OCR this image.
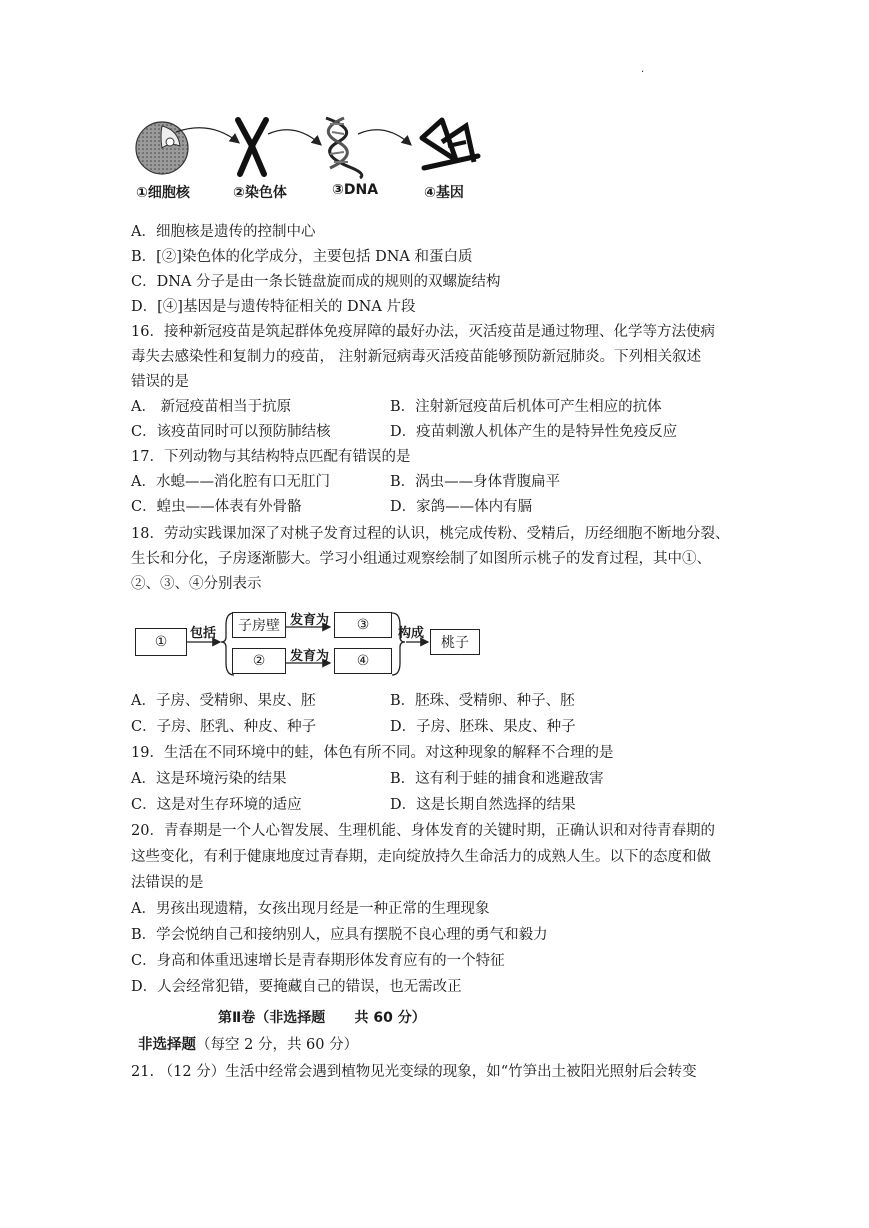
.
①细胞核	②染色体	③DNA	④基因
A．细胞核是遗传的控制中心
B．[②]染色体的化学成分，主要包括 DNA 和蛋白质
C．DNA 分子是由一条长链盘旋而成的规则的双螺旋结构
D．[④]基因是与遗传特征相关的 DNA 片段
16．接种新冠疫苗是筑起群体免疫屏障的最好办法，灭活疫苗是通过物理、化学等方法使病
毒失去感染性和复制力的疫苗， 注射新冠病毒灭活疫苗能够预防新冠肺炎。下列相关叙述
错误的是
A． 新冠疫苗相当于抗原	B．注射新冠疫苗后机体可产生相应的抗体
C．该疫苗同时可以预防肺结核	D．疫苗刺激人机体产生的是特异性免疫反应
17．下列动物与其结构特点匹配有错误的是
A．水螅——消化腔有口无肛门	B．涡虫——身体背腹扁平
C．蝗虫——体表有外骨骼	D．家鸽——体内有膈
18．劳动实践课加深了对桃子发育过程的认识，桃完成传粉、受精后，历经细胞不断地分裂、
生长和分化，子房逐渐膨大。学习小组通过观察绘制了如图所示桃子的发育过程，其中①、
②、③、④分别表示
①
包括	子房壁
②
发育为
发育为
③
④
构成
桃子
A．子房、受精卵、果皮、胚	B．胚珠、受精卵、种子、胚
C．子房、胚乳、种皮、种子	D．子房、胚珠、果皮、种子
19．生活在不同环境中的蛙，体色有所不同。对这种现象的解释不合理的是
A．这是环境污染的结果	B．这有利于蛙的捕食和逃避敌害
C．这是对生存环境的适应	D．这是长期自然选择的结果
20．青春期是一个人心智发展、生理机能、身体发育的关键时期，正确认识和对待青春期的
这些变化，有利于健康地度过青春期，走向绽放持久生命活力的成熟人生。以下的态度和做
法错误的是
A．男孩出现遗精，女孩出现月经是一种正常的生理现象
B．学会悦纳自己和接纳别人，应具有摆脱不良心理的勇气和毅力
C．身高和体重迅速增长是青春期形体发育应有的一个特征
D．人会经常犯错，要掩藏自己的错误，也无需改正
第Ⅱ卷（非选择题      共 60 分）
非选择题（每空 2 分，共 60 分）
21. （12 分）生活中经常会遇到植物见光变绿的现象，如“竹笋出土被阳光照射后会转变
